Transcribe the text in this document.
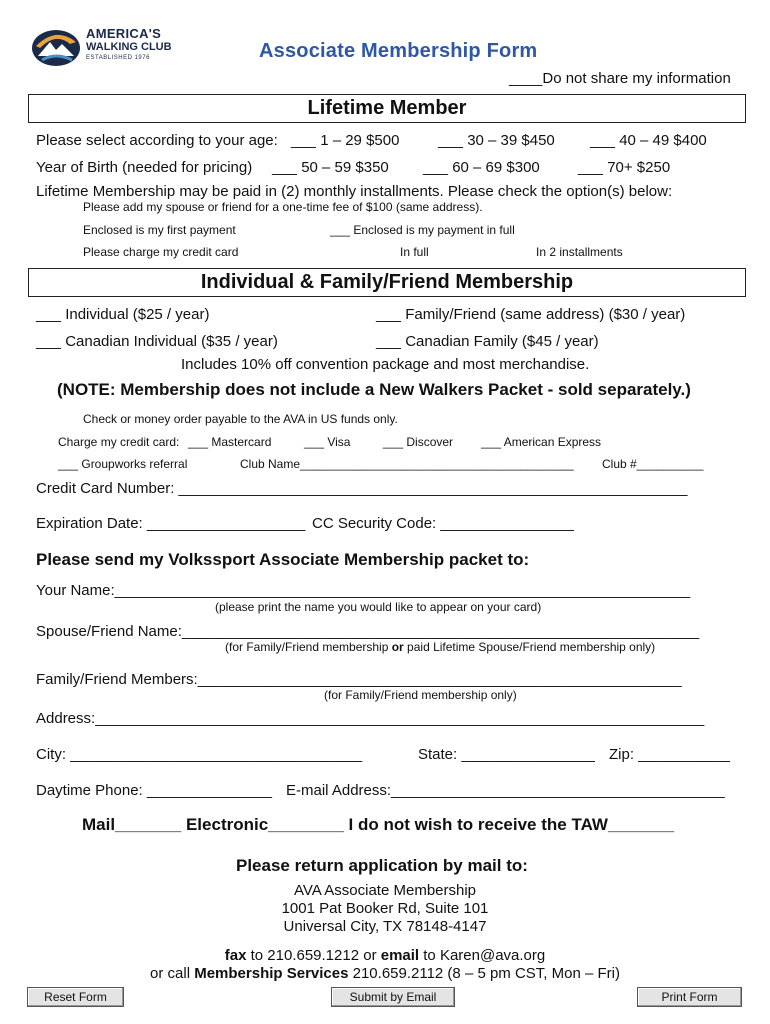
AMERICA'S
WALKING CLUB
ESTABLISHED 1976	Associate Membership Form
____Do not share my information
Lifetime Member
Please select according to your age: ___ 1 – 29 $500	___ 30 – 39 $450 ___ 40 – 49 $400
Year of Birth (needed for pricing) ___ 50 – 59 $350 ___ 60 – 69 $300	___ 70+ $250
Lifetime Membership may be paid in (2) monthly installments. Please check the option(s) below:
Please add my spouse or friend for a one-time fee of $100 (same address).
Enclosed is my first payment	___ Enclosed is my payment in full
Please charge my credit card	In full	In 2 installments
Individual & Family/Friend Membership
___ Individual ($25 / year)	___ Family/Friend (same address) ($30 / year)
___ Canadian Individual ($35 / year)	___ Canadian Family ($45 / year)
Includes 10% off convention package and most merchandise.
(NOTE: Membership does not include a New Walkers Packet - sold separately.)
Check or money order payable to the AVA in US funds only.
Charge my credit card: ___ Mastercard	___ Visa	___ Discover ___ American Express
___ Groupworks referral	Club Name_________________________________________ Club #__________
Credit Card Number: _____________________________________________________________
Expiration Date: ___________________ CC Security Code: ________________
Please send my Volkssport Associate Membership packet to:
Your Name:_____________________________________________________________________
(please print the name you would like to appear on your card)
Spouse/Friend Name:______________________________________________________________
(for Family/Friend membership or paid Lifetime Spouse/Friend membership only)
Family/Friend Members:__________________________________________________________
(for Family/Friend membership only)
Address:_________________________________________________________________________
City: ___________________________________	State: ________________ Zip: ___________
Daytime Phone: _______________ E-mail Address:________________________________________
Mail_______ Electronic________ I do not wish to receive the TAW_______
Please return application by mail to:
AVA Associate Membership
1001 Pat Booker Rd, Suite 101
Universal City, TX 78148-4147
fax to 210.659.1212 or email to Karen@ava.org
or call Membership Services 210.659.2112 (8 – 5 pm CST, Mon – Fri)
Reset Form	Submit by Email	Print Form
